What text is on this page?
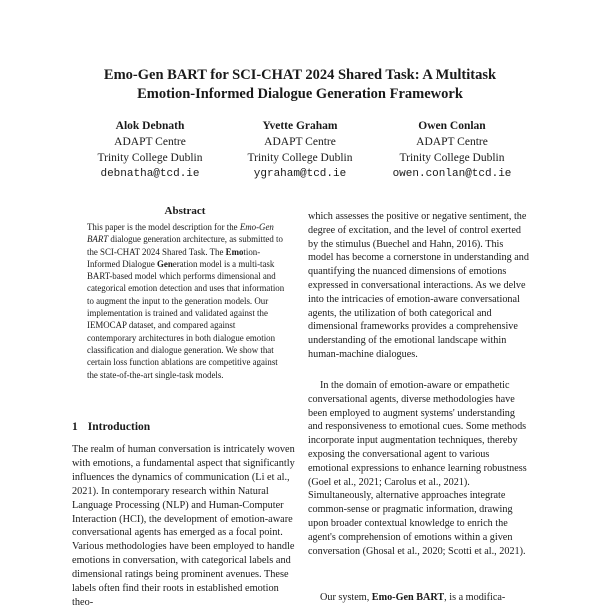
Emo-Gen BART for SCI-CHAT 2024 Shared Task: A Multitask
Emotion-Informed Dialogue Generation Framework
Alok Debnath
ADAPT Centre
Trinity College Dublin
debnatha@tcd.ie
Yvette Graham
ADAPT Centre
Trinity College Dublin
ygraham@tcd.ie
Owen Conlan
ADAPT Centre
Trinity College Dublin
owen.conlan@tcd.ie
Abstract
This paper is the model description for the Emo-Gen BART dialogue generation architecture, as submitted to the SCI-CHAT 2024 Shared Task. The Emotion-Informed Dialogue Generation model is a multi-task BART-based model which performs dimensional and categorical emotion detection and uses that information to augment the input to the generation models. Our implementation is trained and validated against the IEMOCAP dataset, and compared against contemporary architectures in both dialogue emotion classification and dialogue generation. We show that certain loss function ablations are competitive against the state-of-the-art single-task models.
1 Introduction

The realm of human conversation is intricately woven with emotions, a fundamental aspect that significantly influences the dynamics of communication (Li et al., 2021). In contemporary research within Natural Language Processing (NLP) and Human-Computer Interaction (HCI), the development of emotion-aware conversational agents has emerged as a focal point. Various methodologies have been employed to handle emotions in conversation, with categorical labels and dimensional ratings being prominent avenues. These labels often find their roots in established emotion theo-

which assesses the positive or negative sentiment, the degree of excitation, and the level of control exerted by the stimulus (Buechel and Hahn, 2016). This model has become a cornerstone in understanding and quantifying the nuanced dimensions of emotions expressed in conversational interactions. As we delve into the intricacies of emotion-aware conversational agents, the utilization of both categorical and dimensional frameworks provides a comprehensive understanding of the emotional landscape within human-machine dialogues.

In the domain of emotion-aware or empathetic conversational agents, diverse methodologies have been employed to augment systems' understanding and responsiveness to emotional cues. Some methods incorporate input augmentation techniques, thereby exposing the conversational agent to various emotional expressions to enhance learning robustness (Goel et al., 2021; Carolus et al., 2021). Simultaneously, alternative approaches integrate common-sense or pragmatic information, drawing upon broader contextual knowledge to enrich the agent's comprehension of emotions within a given conversation (Ghosal et al., 2020; Scotti et al., 2021).

Our system, Emo-Gen BART, is a modifica-
